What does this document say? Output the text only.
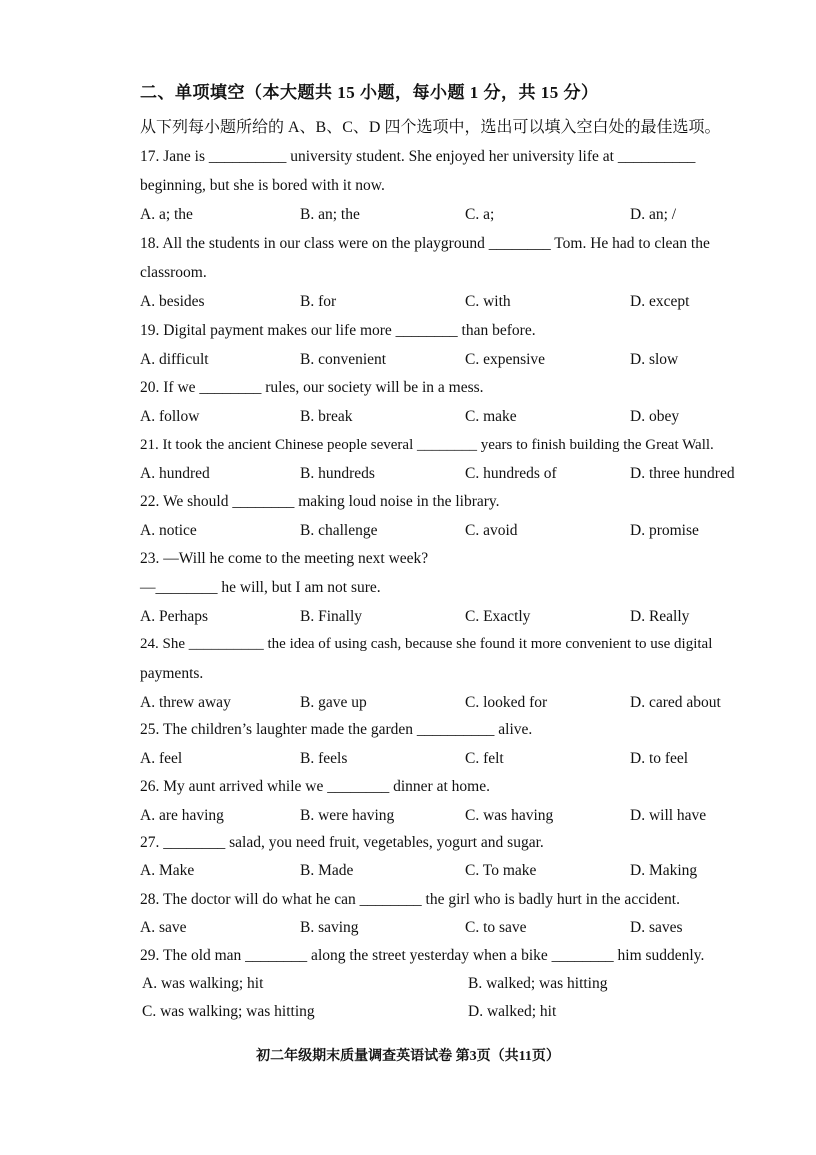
二、单项填空（本大题共 15 小题，每小题 1 分，共 15 分）
从下列每小题所给的 A、B、C、D 四个选项中，选出可以填入空白处的最佳选项。
17. Jane is __________ university student. She enjoyed her university life at __________
beginning, but she is bored with it now.
A. a; the	B. an; the	C. a;	D. an; /
18. All the students in our class were on the playground ________ Tom. He had to clean the
classroom.
A. besides	B. for	C. with	D. except
19. Digital payment makes our life more ________ than before.
A. difficult	B. convenient	C. expensive	D. slow
20. If we ________ rules, our society will be in a mess.
A. follow	B. break	C. make	D. obey
21. It took the ancient Chinese people several ________ years to finish building the Great Wall.
A. hundred	B. hundreds	C. hundreds of	D. three hundred
22. We should ________ making loud noise in the library.
A. notice	B. challenge	C. avoid	D. promise
23. —Will he come to the meeting next week?
—________ he will, but I am not sure.
A. Perhaps	B. Finally	C. Exactly	D. Really
24. She __________ the idea of using cash, because she found it more convenient to use digital
payments.
A. threw away	B. gave up	C. looked for	D. cared about
25. The children’s laughter made the garden __________ alive.
A. feel	B. feels	C. felt	D. to feel
26. My aunt arrived while we ________ dinner at home.
A. are having	B. were having	C. was having	D. will have
27. ________ salad, you need fruit, vegetables, yogurt and sugar.
A. Make	B. Made	C. To make	D. Making
28. The doctor will do what he can ________ the girl who is badly hurt in the accident.
A. save	B. saving	C. to save	D. saves
29. The old man ________ along the street yesterday when a bike ________ him suddenly.
A. was walking; hit	B. walked; was hitting
C. was walking; was hitting	D. walked; hit
初二年级期末质量调查英语试卷 第3页（共11页）
